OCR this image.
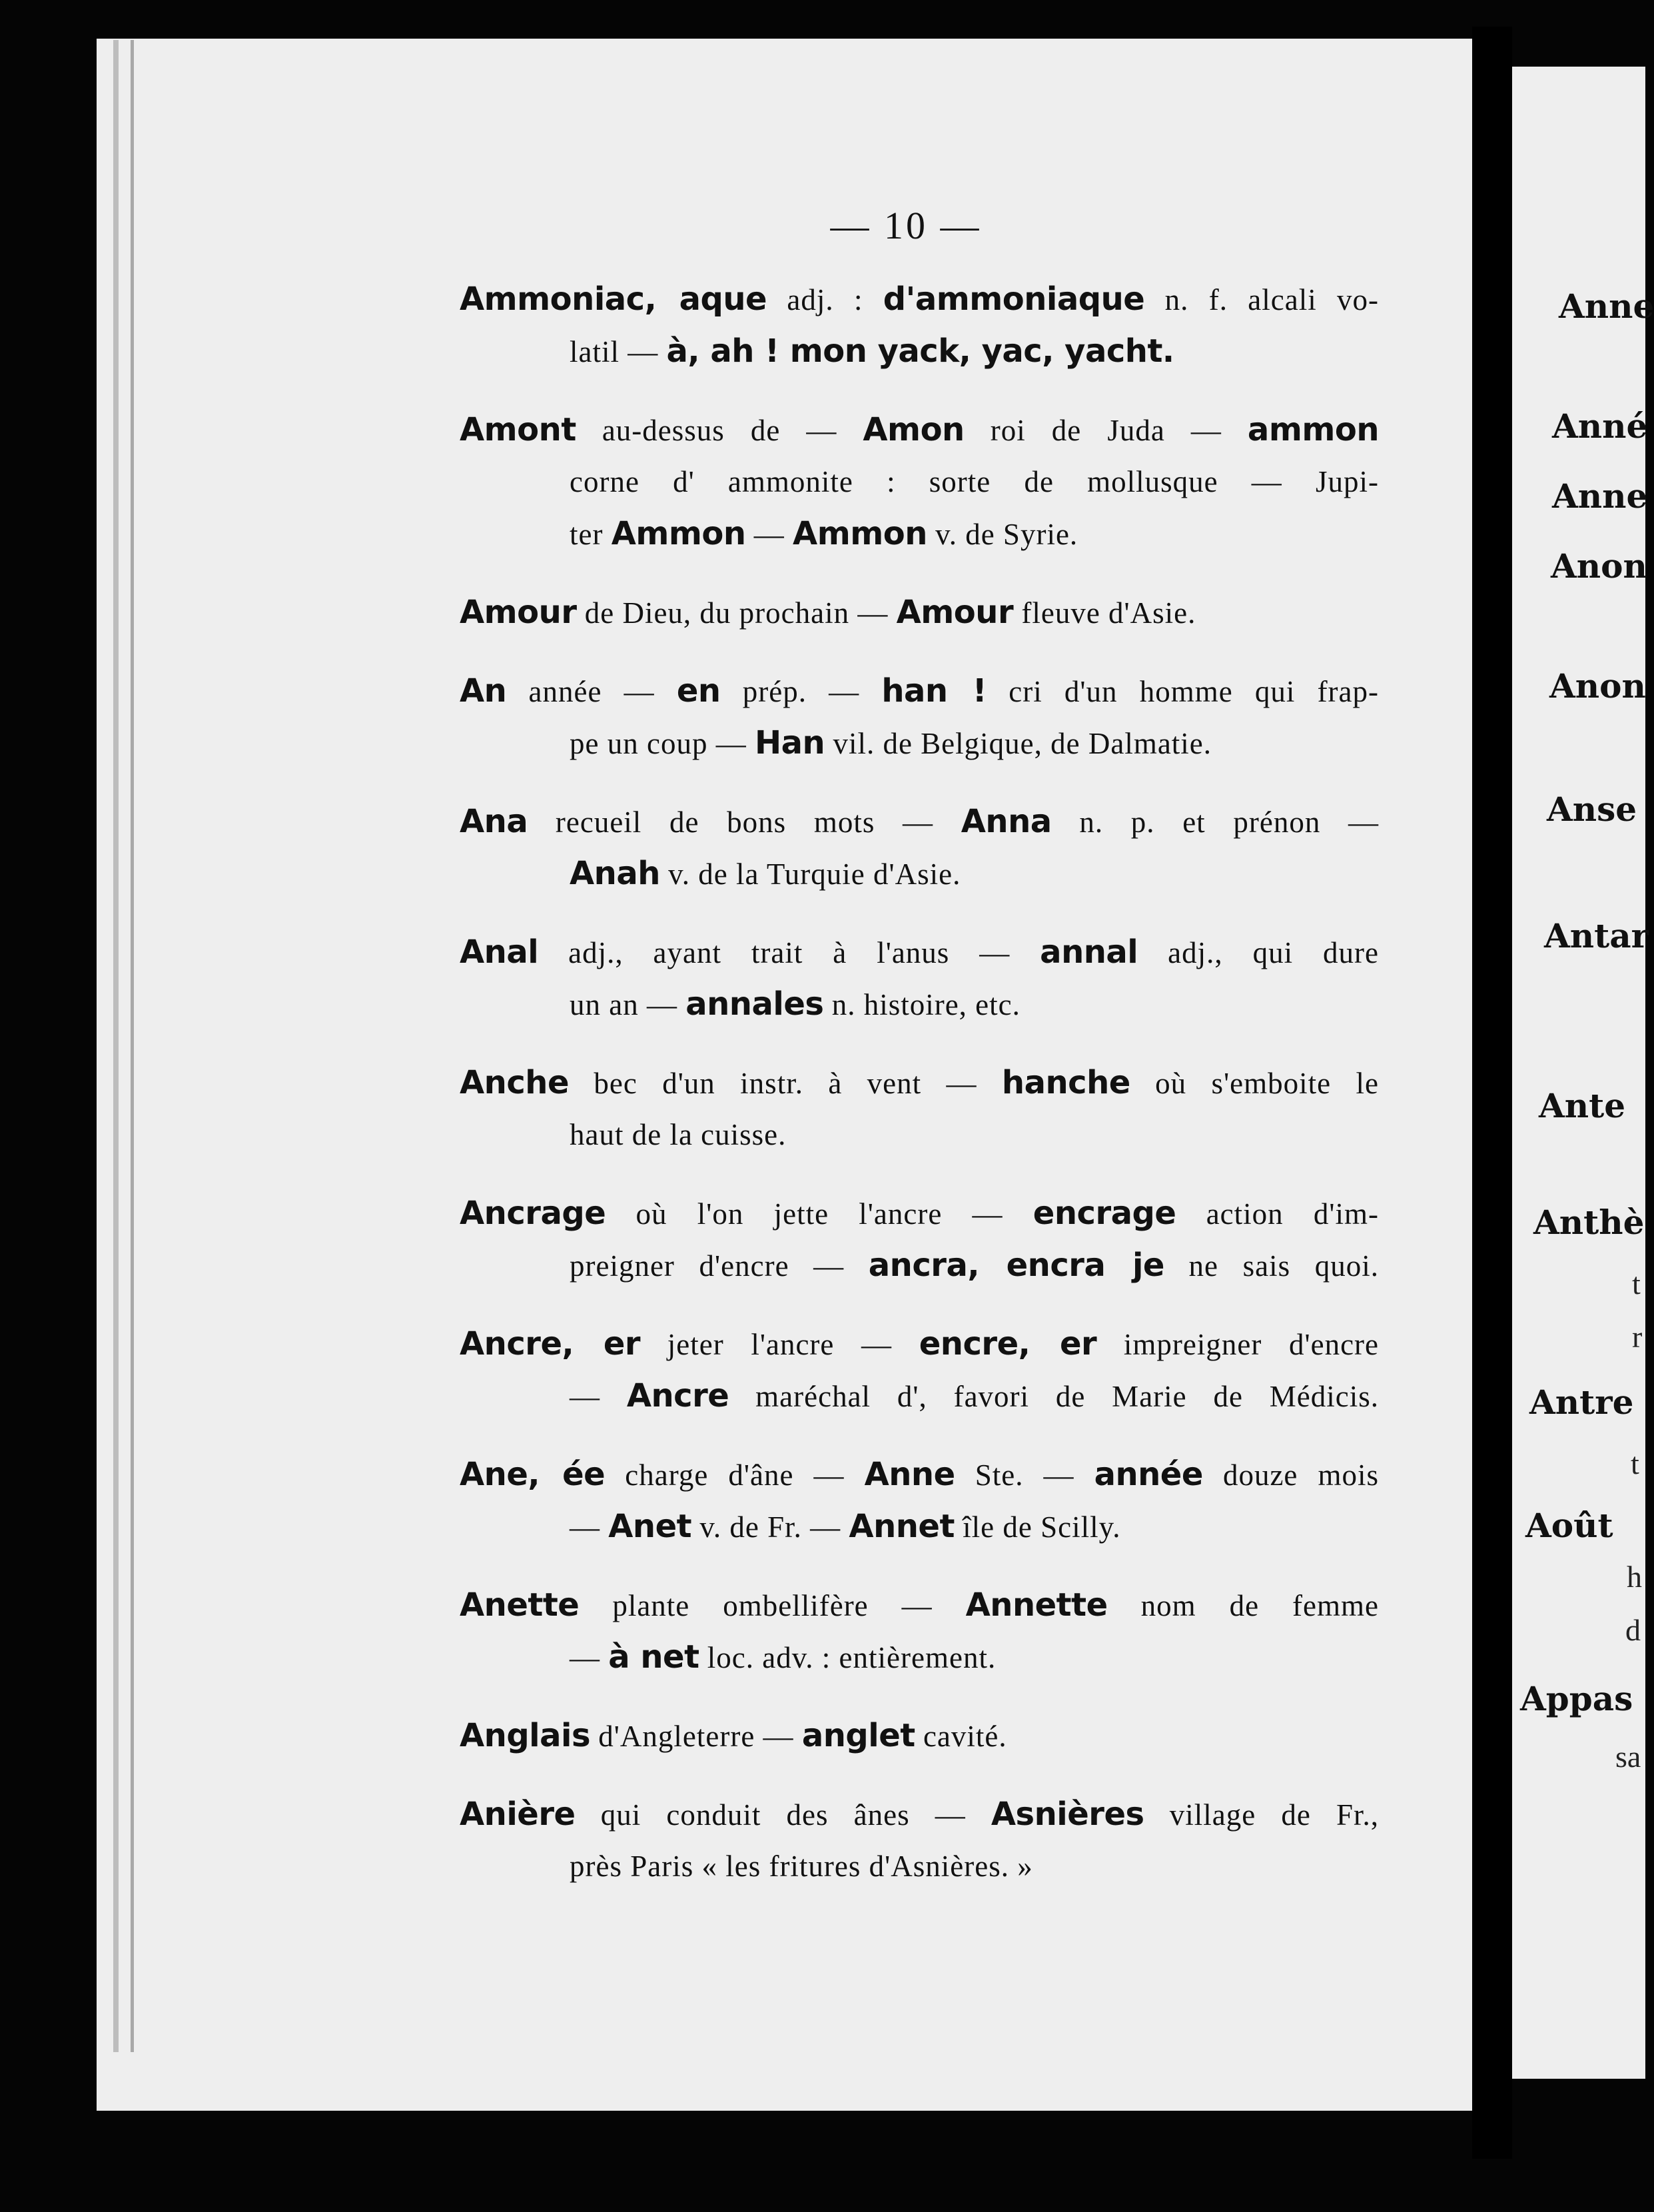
Anne
Anné
Anne
Anon
Anon
Anse
Antar
Ante
Anthè
Antre
Août
Appas
t
r
t
h
d
sa
— 10 —
Ammoniac, aque adj. : d'ammoniaque n. f. alcali vo-
latil — à, ah ! mon yack, yac, yacht.
Amont au-dessus de — Amon roi de Juda — ammon
corne d' ammonite : sorte de mollusque — Jupi-
ter Ammon — Ammon v. de Syrie.
Amour de Dieu, du prochain — Amour fleuve d'Asie.
An année — en prép. — han ! cri d'un homme qui frap-
pe un coup — Han vil. de Belgique, de Dalmatie.
Ana recueil de bons mots — Anna n. p. et prénon —
Anah v. de la Turquie d'Asie.
Anal adj., ayant trait à l'anus — annal adj., qui dure
un an — annales n. histoire, etc.
Anche bec d'un instr. à vent — hanche où s'emboite le
haut de la cuisse.
Ancrage où l'on jette l'ancre — encrage action d'im-
preigner d'encre — ancra, encra je ne sais quoi.
Ancre, er jeter l'ancre — encre, er impreigner d'encre
— Ancre maréchal d', favori de Marie de Médicis.
Ane, ée charge d'âne — Anne Ste. — année douze mois
— Anet v. de Fr. — Annet île de Scilly.
Anette plante ombellifère — Annette nom de femme
— à net loc. adv. : entièrement.
Anglais d'Angleterre — anglet cavité.
Anière qui conduit des ânes — Asnières village de Fr.,
près Paris « les fritures d'Asnières. »
